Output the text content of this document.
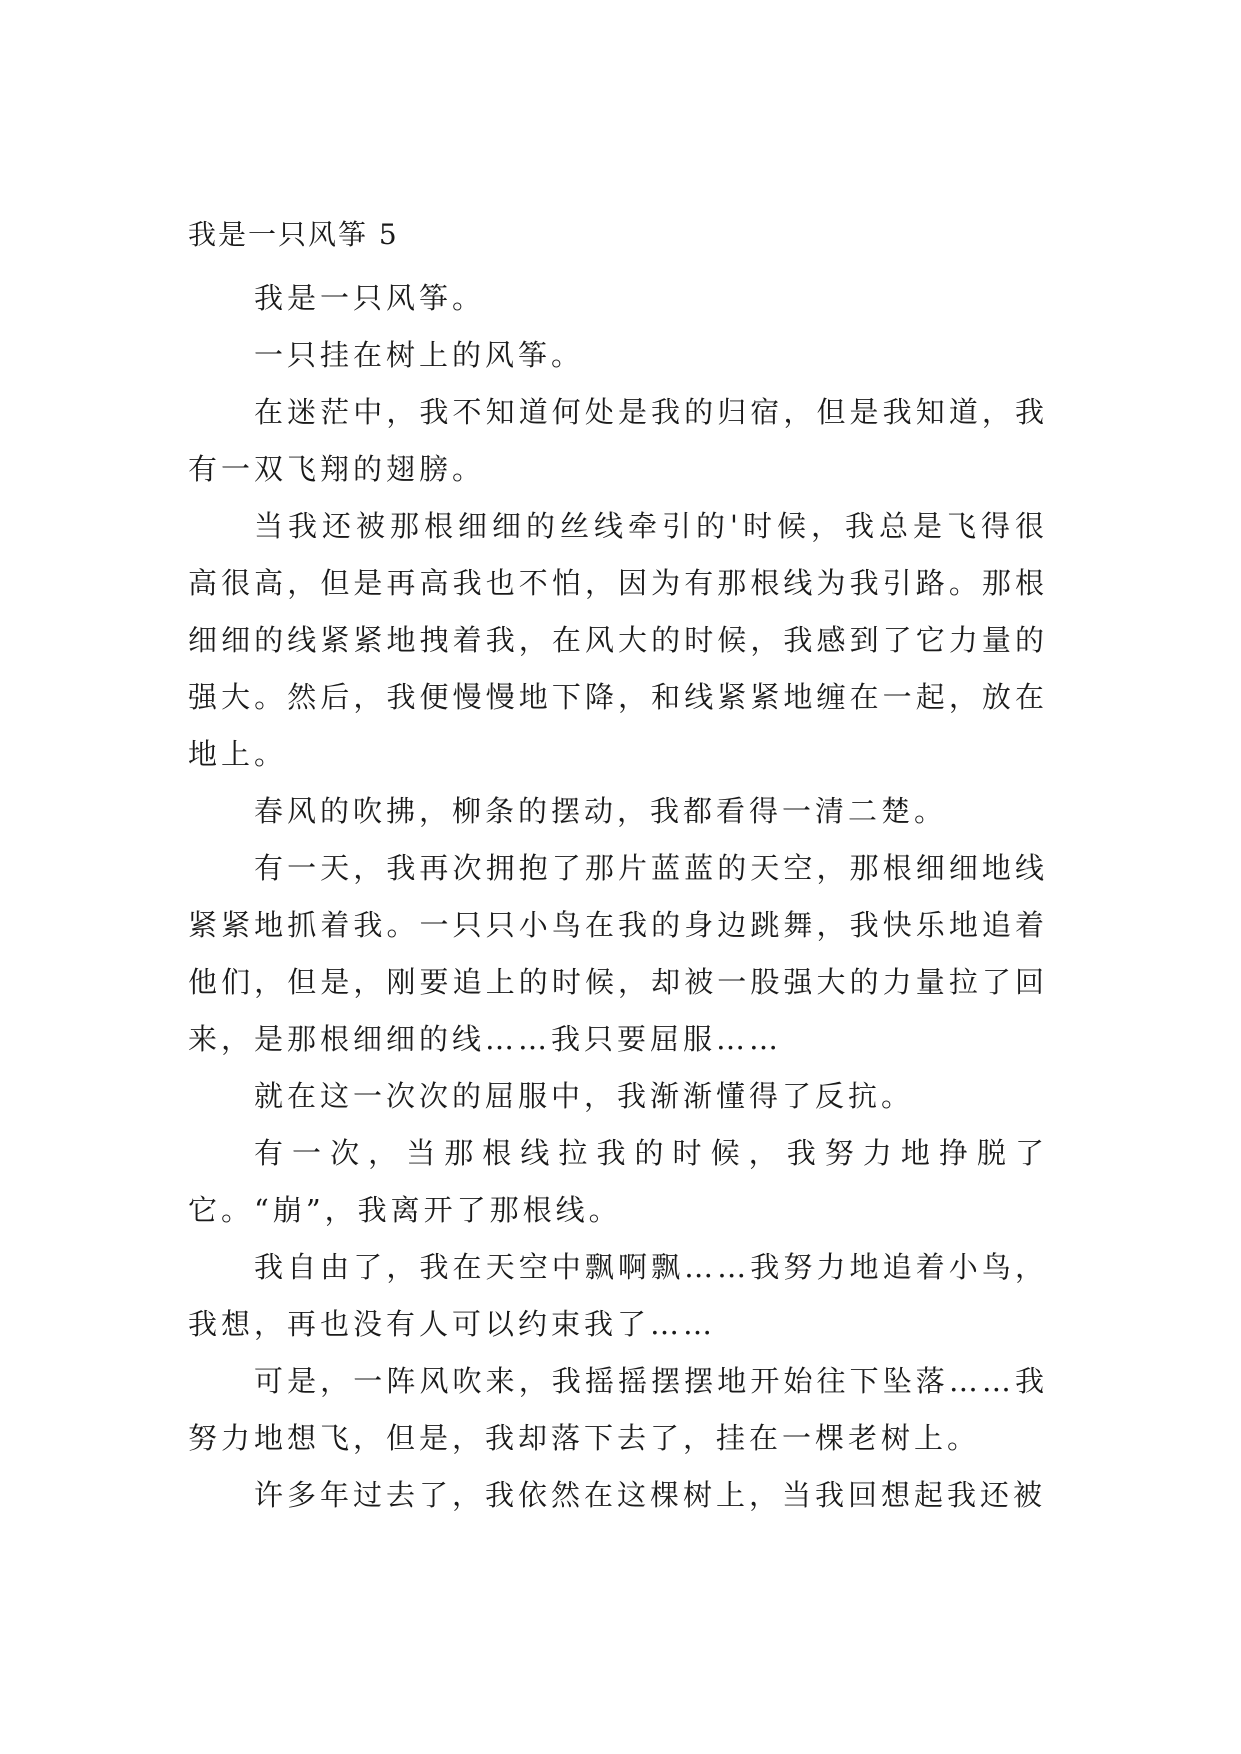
我是一只风筝 5

我是一只风筝。

一只挂在树上的风筝。

在迷茫中，我不知道何处是我的归宿，但是我知道，我有一双飞翔的翅膀。

当我还被那根细细的丝线牵引的'时候，我总是飞得很高很高，但是再高我也不怕，因为有那根线为我引路。那根细细的线紧紧地拽着我，在风大的时候，我感到了它力量的强大。然后，我便慢慢地下降，和线紧紧地缠在一起，放在地上。

春风的吹拂，柳条的摆动，我都看得一清二楚。

有一天，我再次拥抱了那片蓝蓝的天空，那根细细地线紧紧地抓着我。一只只小鸟在我的身边跳舞，我快乐地追着他们，但是，刚要追上的时候，却被一股强大的力量拉了回来，是那根细细的线……我只要屈服……

就在这一次次的屈服中，我渐渐懂得了反抗。

有一次，当那根线拉我的时候，我努力地挣脱了它。“崩”，我离开了那根线。

我自由了，我在天空中飘啊飘……我努力地追着小鸟，我想，再也没有人可以约束我了……

可是，一阵风吹来，我摇摇摆摆地开始往下坠落……我努力地想飞，但是，我却落下去了，挂在一棵老树上。

许多年过去了，我依然在这棵树上，当我回想起我还被
